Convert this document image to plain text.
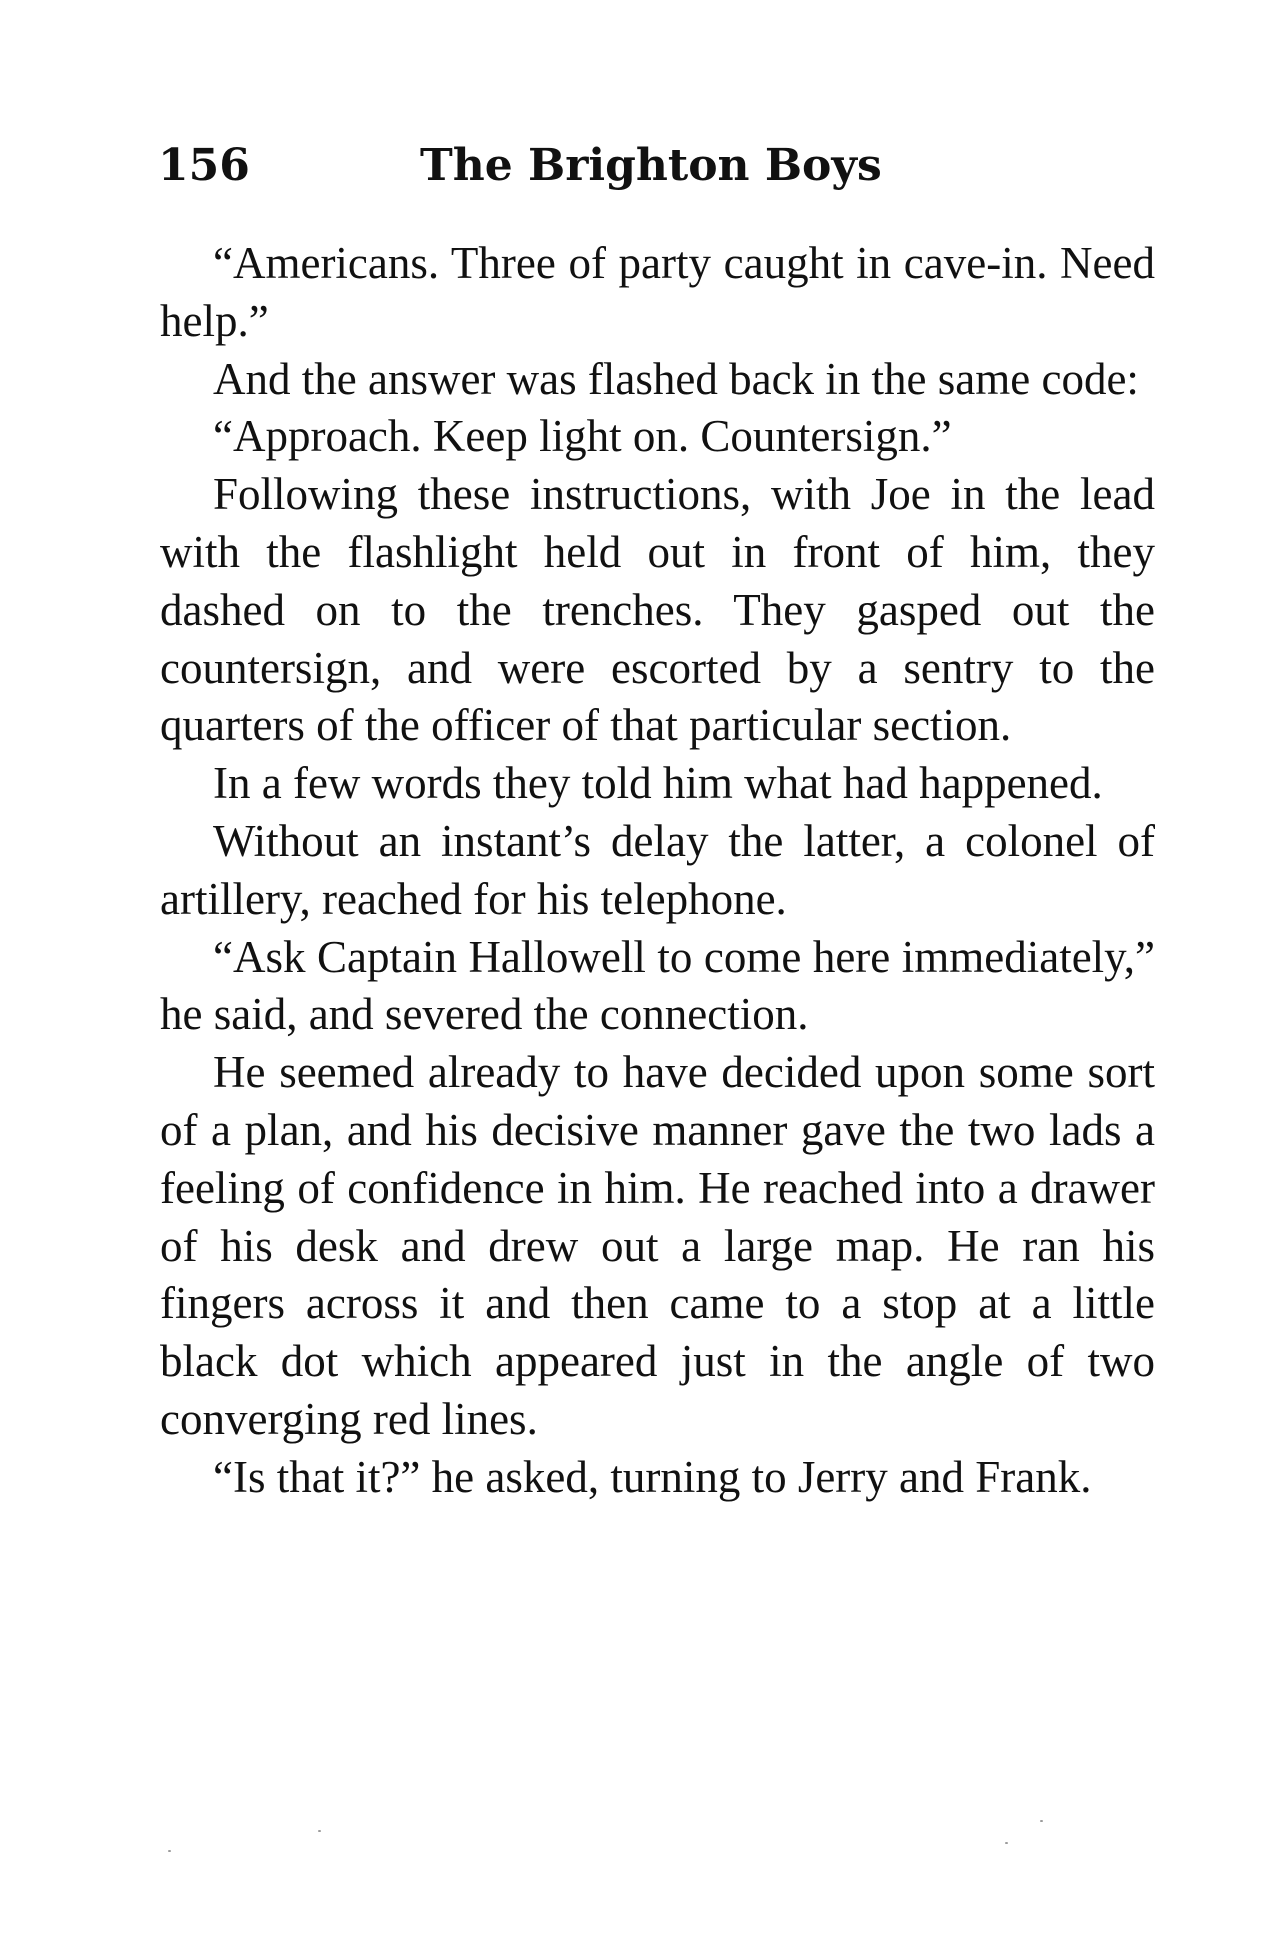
156	The Brighton Boys

“Americans. Three of party caught in cave-in. Need help.”

And the answer was flashed back in the same code:

“Approach. Keep light on. Countersign.”

Following these instructions, with Joe in the lead with the flashlight held out in front of him, they dashed on to the trenches. They gasped out the countersign, and were escorted by a sentry to the quarters of the officer of that particular section.

In a few words they told him what had happened.

Without an instant’s delay the latter, a colonel of artillery, reached for his telephone.

“Ask Captain Hallowell to come here immediately,” he said, and severed the connection.

He seemed already to have decided upon some sort of a plan, and his decisive manner gave the two lads a feeling of confidence in him. He reached into a drawer of his desk and drew out a large map. He ran his fingers across it and then came to a stop at a little black dot which appeared just in the angle of two converging red lines.

“Is that it?” he asked, turning to Jerry and Frank.
